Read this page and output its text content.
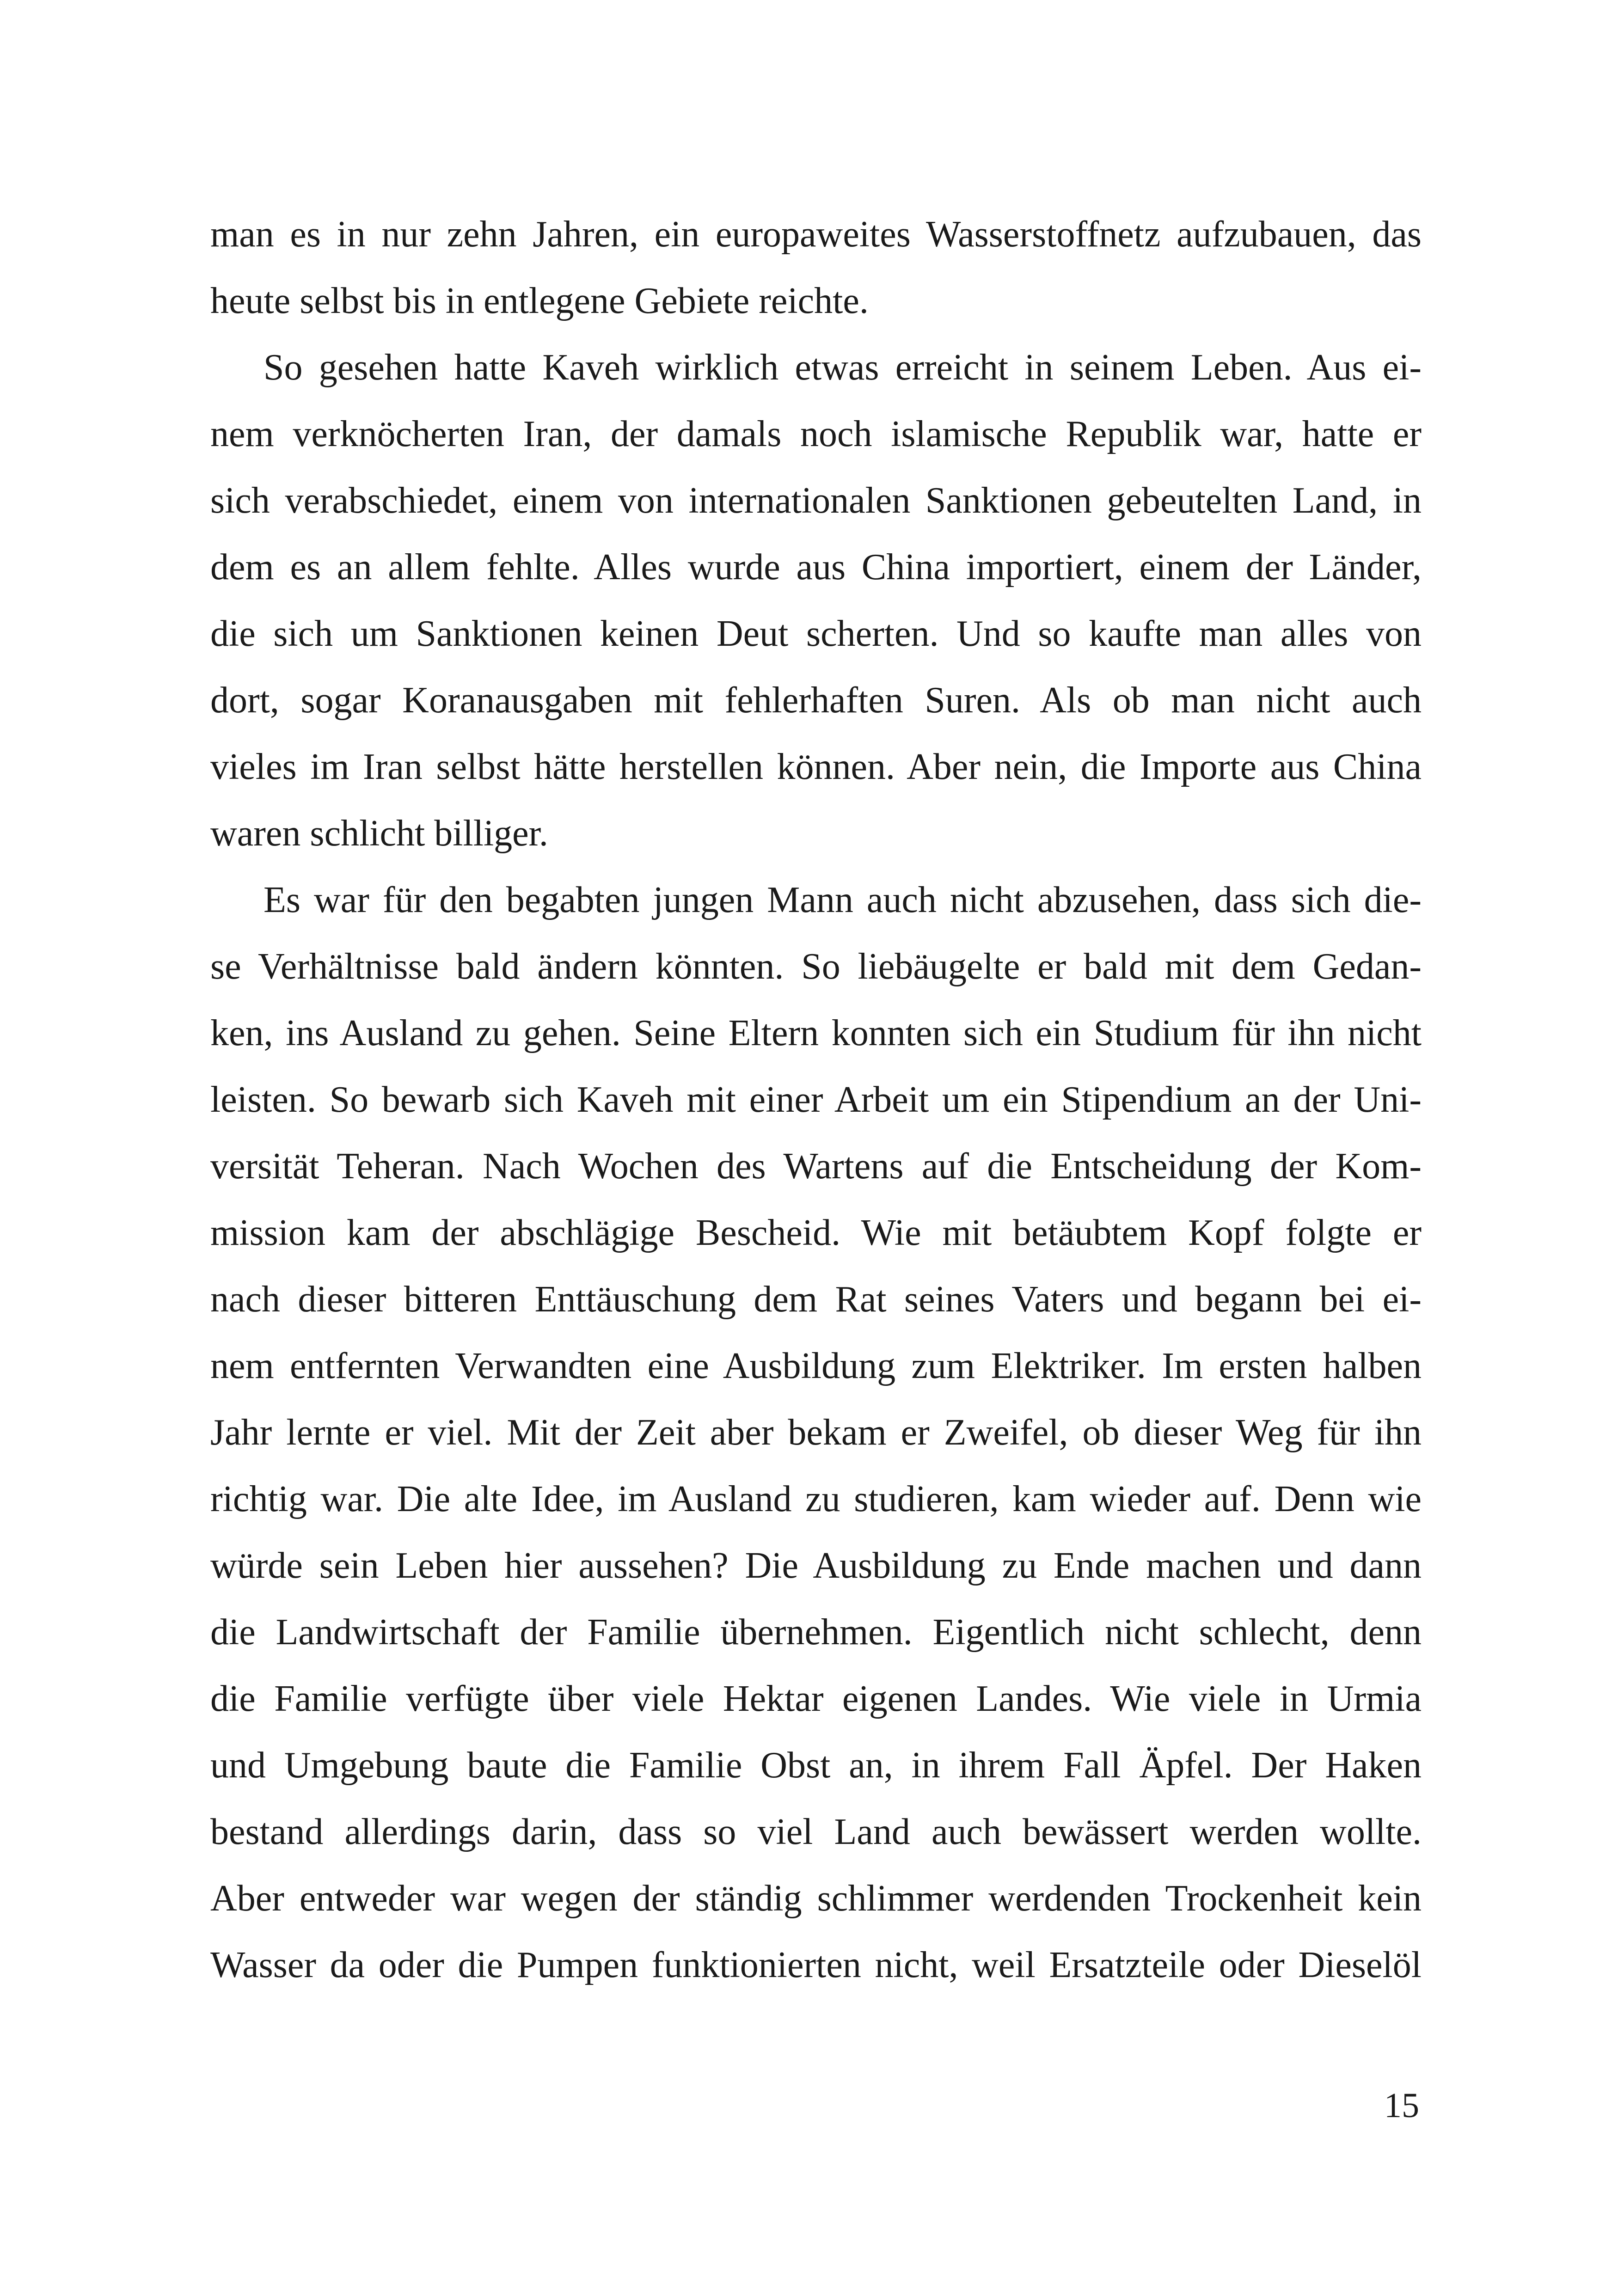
man es in nur zehn Jahren, ein europaweites Wasserstoffnetz aufzubauen, das
heute selbst bis in entlegene Gebiete reichte.
So gesehen hatte Kaveh wirklich etwas erreicht in seinem Leben. Aus ei-
nem verknöcherten Iran, der damals noch islamische Republik war, hatte er
sich verabschiedet, einem von internationalen Sanktionen gebeutelten Land, in
dem es an allem fehlte. Alles wurde aus China importiert, einem der Länder,
die sich um Sanktionen keinen Deut scherten. Und so kaufte man alles von
dort, sogar Koranausgaben mit fehlerhaften Suren. Als ob man nicht auch
vieles im Iran selbst hätte herstellen können. Aber nein, die Importe aus China
waren schlicht billiger.
Es war für den begabten jungen Mann auch nicht abzusehen, dass sich die-
se Verhältnisse bald ändern könnten. So liebäugelte er bald mit dem Gedan-
ken, ins Ausland zu gehen. Seine Eltern konnten sich ein Studium für ihn nicht
leisten. So bewarb sich Kaveh mit einer Arbeit um ein Stipendium an der Uni-
versität Teheran. Nach Wochen des Wartens auf die Entscheidung der Kom-
mission kam der abschlägige Bescheid. Wie mit betäubtem Kopf folgte er
nach dieser bitteren Enttäuschung dem Rat seines Vaters und begann bei ei-
nem entfernten Verwandten eine Ausbildung zum Elektriker. Im ersten halben
Jahr lernte er viel. Mit der Zeit aber bekam er Zweifel, ob dieser Weg für ihn
richtig war. Die alte Idee, im Ausland zu studieren, kam wieder auf. Denn wie
würde sein Leben hier aussehen? Die Ausbildung zu Ende machen und dann
die Landwirtschaft der Familie übernehmen. Eigentlich nicht schlecht, denn
die Familie verfügte über viele Hektar eigenen Landes. Wie viele in Urmia
und Umgebung baute die Familie Obst an, in ihrem Fall Äpfel. Der Haken
bestand allerdings darin, dass so viel Land auch bewässert werden wollte.
Aber entweder war wegen der ständig schlimmer werdenden Trockenheit kein
Wasser da oder die Pumpen funktionierten nicht, weil Ersatzteile oder Dieselöl
15
